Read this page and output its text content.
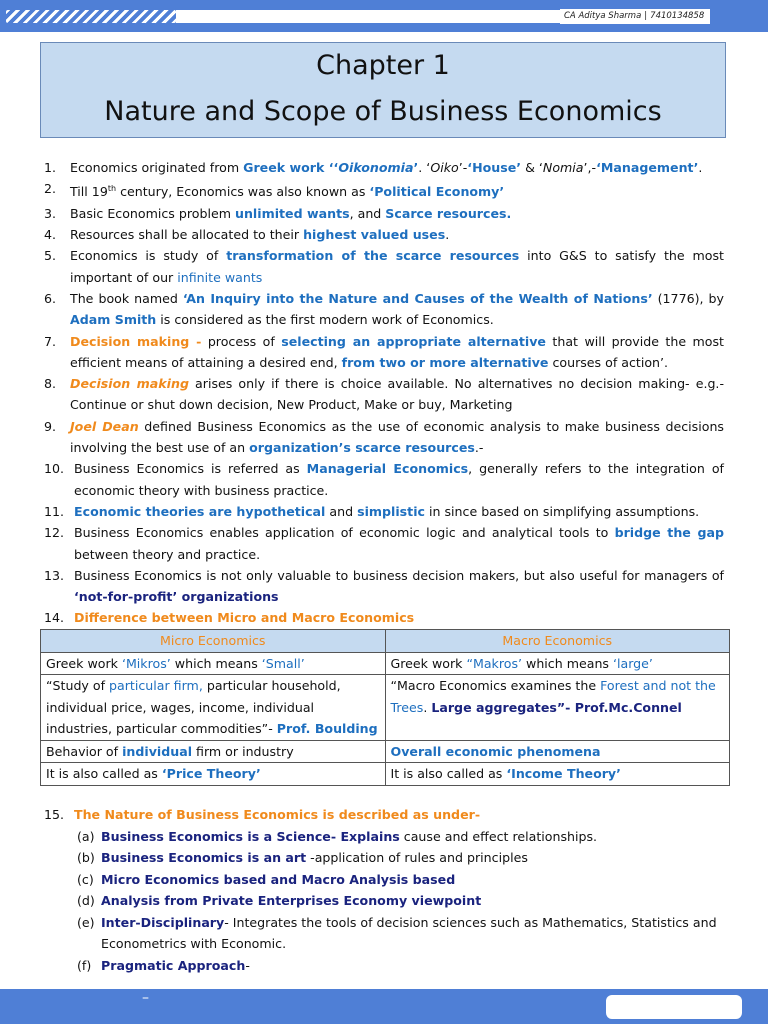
CA Aditya Sharma | 7410134858
Chapter 1
Nature and Scope of Business Economics
1. Economics originated from Greek work ‘‘Oikonomia’. ‘Oiko’-‘House’ & ‘Nomia’,-‘Management’.
2. Till 19th century, Economics was also known as ‘Political Economy’
3. Basic Economics problem unlimited wants, and Scarce resources.
4. Resources shall be allocated to their highest valued uses.
5. Economics is study of transformation of the scarce resources into G&S to satisfy the most important of our infinite wants
6. The book named ‘An Inquiry into the Nature and Causes of the Wealth of Nations’ (1776), by Adam Smith is considered as the first modern work of Economics.
7. Decision making - process of selecting an appropriate alternative that will provide the most efficient means of attaining a desired end, from two or more alternative courses of action’.
8. Decision making arises only if there is choice available. No alternatives no decision making- e.g.- Continue or shut down decision, New Product, Make or buy, Marketing
9. Joel Dean defined Business Economics as the use of economic analysis to make business decisions involving the best use of an organization’s scarce resources.-
10. Business Economics is referred as Managerial Economics, generally refers to the integration of economic theory with business practice.
11. Economic theories are hypothetical and simplistic in since based on simplifying assumptions.
12. Business Economics enables application of economic logic and analytical tools to bridge the gap between theory and practice.
13. Business Economics is not only valuable to business decision makers, but also useful for managers of ‘not-for-profit’ organizations
14. Difference between Micro and Macro Economics
Micro Economics	Macro Economics
Greek work ‘Mikros’ which means ‘Small’	Greek work “Makros’ which means ‘large’
“Study of particular firm, particular household, individual price, wages, income, individual industries, particular commodities”- Prof. Boulding	“Macro Economics examines the Forest and not the Trees. Large aggregates”- Prof.Mc.Connel
Behavior of individual firm or industry	Overall economic phenomena
It is also called as ‘Price Theory’	It is also called as ‘Income Theory’
15. The Nature of Business Economics is described as under-
(a) Business Economics is a Science- Explains cause and effect relationships.
(b) Business Economics is an art -application of rules and principles
(c) Micro Economics based and Macro Analysis based
(d) Analysis from Private Enterprises Economy viewpoint
(e) Inter-Disciplinary- Integrates the tools of decision sciences such as Mathematics, Statistics and Econometrics with Economic.
(f) Pragmatic Approach-
–
